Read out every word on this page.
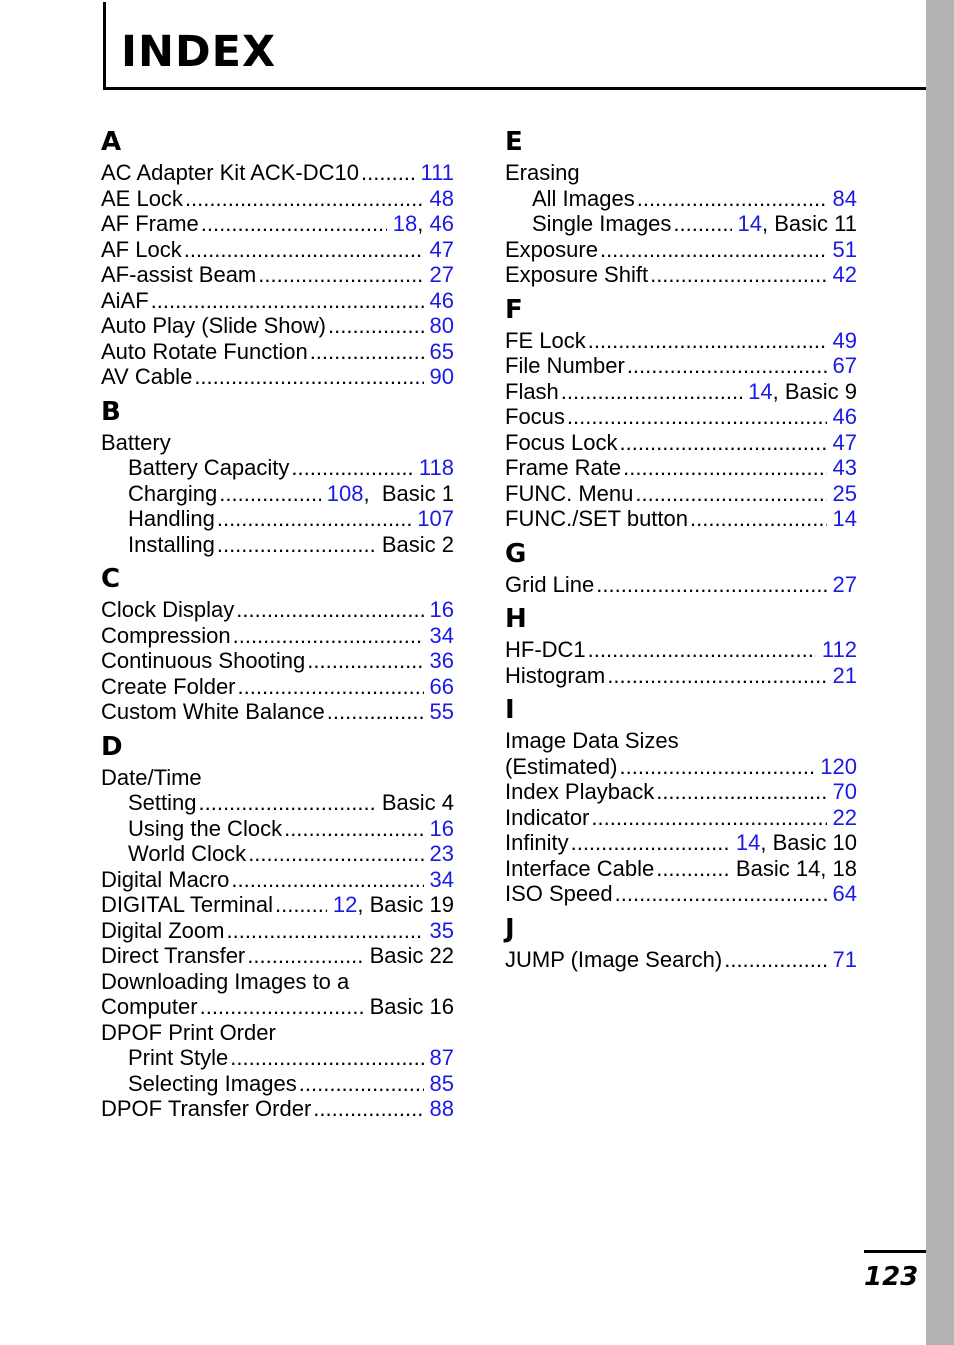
INDEX
A
AC Adapter Kit ACK-DC10 .....	111
AE Lock .....	48
AF Frame .....	18, 46
AF Lock .....	47
AF-assist Beam .....	27
AiAF .....	46
Auto Play (Slide Show) .....	80
Auto Rotate Function .....	65
AV Cable .....	90
B
Battery
Battery Capacity .....	118
Charging .....	108,  Basic 1
Handling .....	107
Installing .....	Basic 2
C
Clock Display .....	16
Compression .....	34
Continuous Shooting .....	36
Create Folder .....	66
Custom White Balance .....	55
D
Date/Time
Setting .....	Basic 4
Using the Clock .....	16
World Clock .....	23
Digital Macro .....	34
DIGITAL Terminal .....	12, Basic 19
Digital Zoom .....	35
Direct Transfer .....	Basic 22
Downloading Images to a
Computer .....	Basic 16
DPOF Print Order
Print Style .....	87
Selecting Images .....	85
DPOF Transfer Order .....	88
E
Erasing
All Images .....	84
Single Images .....	14, Basic 11
Exposure .....	51
Exposure Shift .....	42
F
FE Lock .....	49
File Number .....	67
Flash .....	14, Basic 9
Focus .....	46
Focus Lock .....	47
Frame Rate .....	43
FUNC. Menu .....	25
FUNC./SET button .....	14
G
Grid Line .....	27
H
HF-DC1 .....	112
Histogram .....	21
I
Image Data Sizes
(Estimated) .....	120
Index Playback .....	70
Indicator .....	22
Infinity .....	14, Basic 10
Interface Cable .....	Basic 14, 18
ISO Speed .....	64
J
JUMP (Image Search) .....	71
123
